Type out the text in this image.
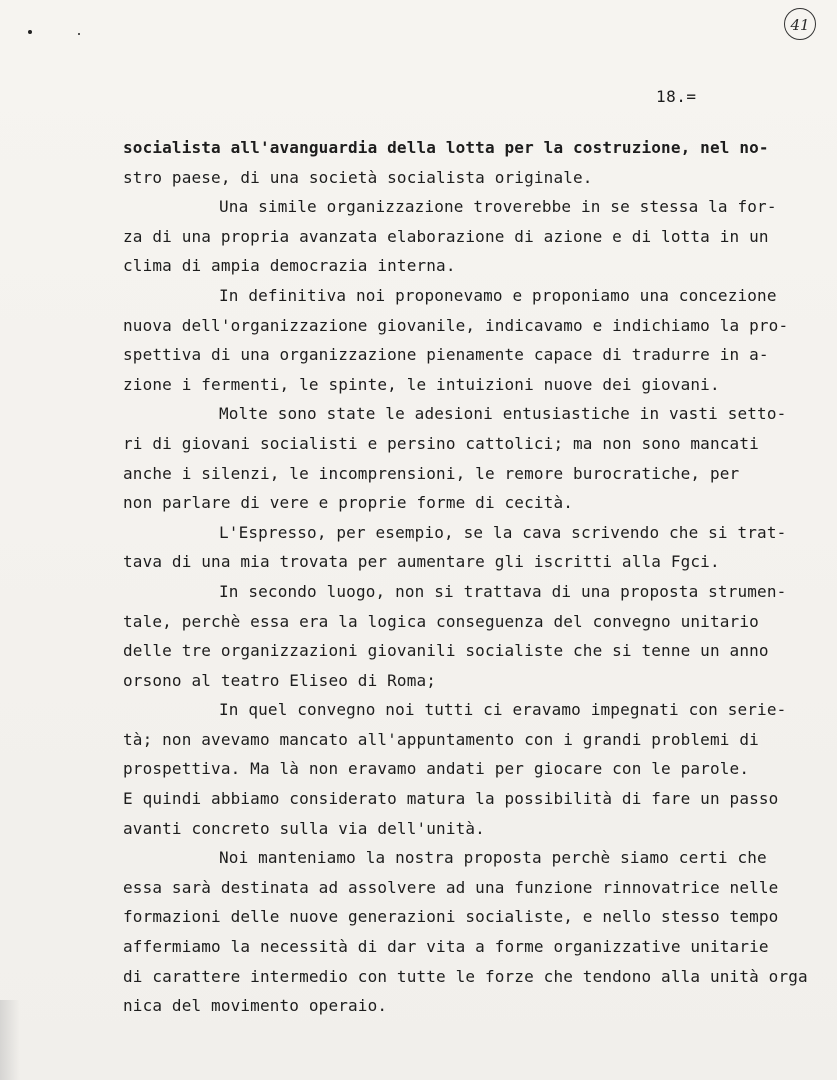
41
18.=
socialista all'avanguardia della lotta per la costruzione, nel no-
stro paese, di una società socialista originale.
Una simile organizzazione troverebbe in se stessa la for-
za di una propria avanzata elaborazione di azione e di lotta in un
clima di ampia democrazia interna.
In definitiva noi proponevamo e proponiamo una concezione
nuova dell'organizzazione giovanile, indicavamo e indichiamo la pro-
spettiva di una organizzazione pienamente capace di tradurre in a-
zione i fermenti, le spinte, le intuizioni nuove dei giovani.
Molte sono state le adesioni entusiastiche in vasti setto-
ri di giovani socialisti e persino cattolici; ma non sono mancati
anche i silenzi, le incomprensioni, le remore burocratiche, per
non parlare di vere e proprie forme di cecità.
L'Espresso, per esempio, se la cava scrivendo che si trat-
tava di una mia trovata per aumentare gli iscritti alla Fgci.
In secondo luogo, non si trattava di una proposta strumen-
tale, perchè essa era la logica conseguenza del convegno unitario
delle tre organizzazioni giovanili socialiste che si tenne un anno
orsono al teatro Eliseo di Roma;
In quel convegno noi tutti ci eravamo impegnati con serie-
tà; non avevamo mancato all'appuntamento con i grandi problemi di
prospettiva. Ma là non eravamo andati per giocare con le parole.
E quindi abbiamo considerato matura la possibilità di fare un passo
avanti concreto sulla via dell'unità.
Noi manteniamo la nostra proposta perchè siamo certi che
essa sarà destinata ad assolvere ad una funzione rinnovatrice nelle
formazioni delle nuove generazioni socialiste, e nello stesso tempo
affermiamo la necessità di dar vita a forme organizzative unitarie
di carattere intermedio con tutte le forze che tendono alla unità orga
nica del movimento operaio.
